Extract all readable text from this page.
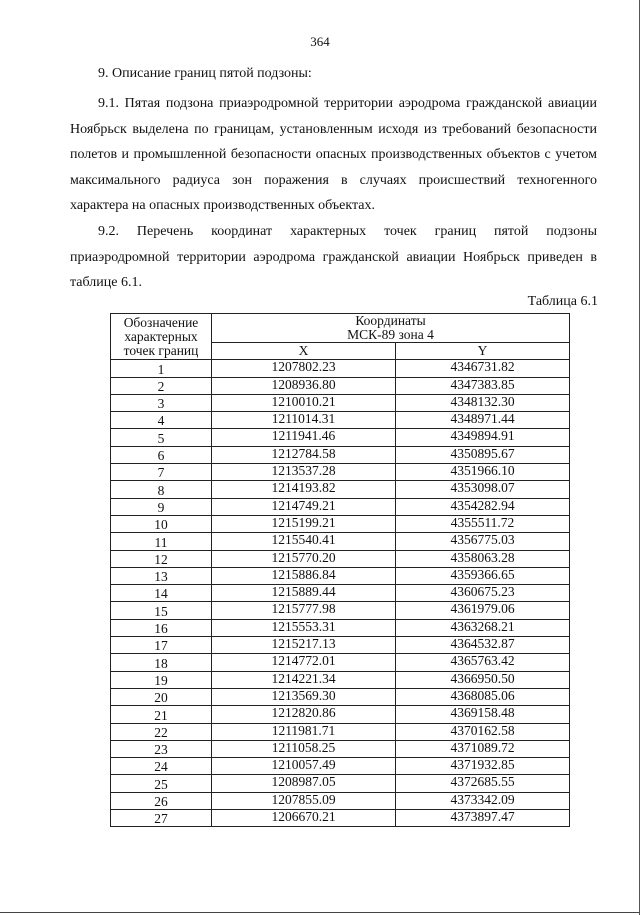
364
9. Описание границ пятой подзоны:

9.1. Пятая подзона приаэродромной территории аэродрома гражданской авиации Ноябрьск выделена по границам, установленным исходя из требований безопасности полетов и промышленной безопасности опасных производственных объектов с учетом максимального радиуса зон поражения в случаях происшествий техногенного характера на опасных производственных объектах.

9.2. Перечень координат характерных точек границ пятой подзоны приаэродромной территории аэродрома гражданской авиации Ноябрьск приведен в таблице 6.1.

Таблица 6.1
Обозначение характерных точек границ	Координаты
МСК-89 зона 4	
	X	Y
1	1207802.23	4346731.82
2	1208936.80	4347383.85
3	1210010.21	4348132.30
4	1211014.31	4348971.44
5	1211941.46	4349894.91
6	1212784.58	4350895.67
7	1213537.28	4351966.10
8	1214193.82	4353098.07
9	1214749.21	4354282.94
10	1215199.21	4355511.72
11	1215540.41	4356775.03
12	1215770.20	4358063.28
13	1215886.84	4359366.65
14	1215889.44	4360675.23
15	1215777.98	4361979.06
16	1215553.31	4363268.21
17	1215217.13	4364532.87
18	1214772.01	4365763.42
19	1214221.34	4366950.50
20	1213569.30	4368085.06
21	1212820.86	4369158.48
22	1211981.71	4370162.58
23	1211058.25	4371089.72
24	1210057.49	4371932.85
25	1208987.05	4372685.55
26	1207855.09	4373342.09
27	1206670.21	4373897.47
